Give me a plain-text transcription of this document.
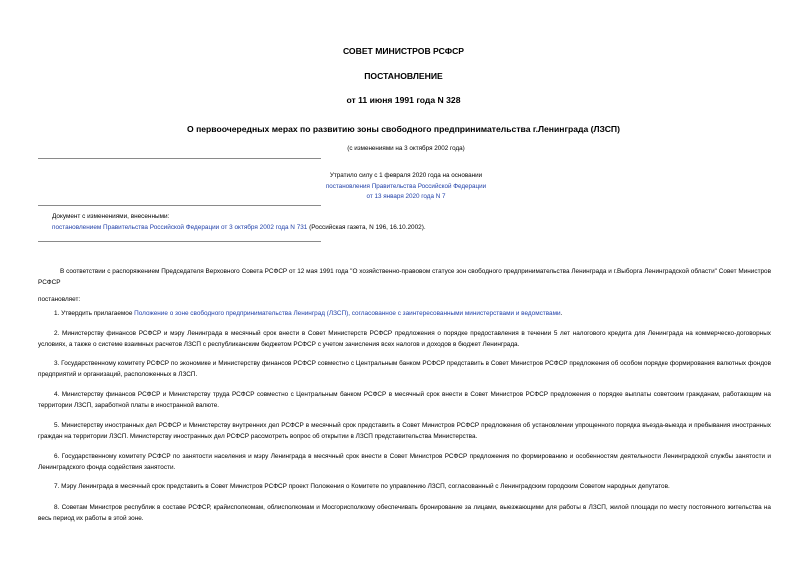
СОВЕТ МИНИСТРОВ РСФСР
ПОСТАНОВЛЕНИЕ
от 11 июня 1991 года N 328
О первоочередных мерах по развитию зоны свободного предпринимательства г.Ленинграда (ЛЗСП)
(с изменениями на 3 октября 2002 года)
Утратило силу с 1 февраля 2020 года на основании
постановления Правительства Российской Федерации
от 13 января 2020 года N 7
Документ с изменениями, внесенными:
постановлением Правительства Российской Федерации от 3 октября 2002 года N 731 (Российская газета, N 196, 16.10.2002).

В соответствии с распоряжением Председателя Верховного Совета РСФСР от 12 мая 1991 года "О хозяйственно-правовом статусе зон свободного предпринимательства Ленинграда и г.Выборга Ленинградской области" Совет Министров РСФСР

постановляет:

1. Утвердить прилагаемое Положение о зоне свободного предпринимательства Ленинград (ЛЗСП), согласованное с заинтересованными министерствами и ведомствами.

2. Министерству финансов РСФСР и мэру Ленинграда в месячный срок внести в Совет Министерств РСФСР предложения о порядке предоставления в течении 5 лет налогового кредита для Ленинграда на коммерческо-договорных условиях, а также о системе взаимных расчетов ЛЗСП с республиканским бюджетом РСФСР с учетом зачисления всех налогов и доходов в бюджет Ленинграда.

3. Государственному комитету РСФСР по экономике и Министерству финансов РСФСР совместно с Центральным банком РСФСР представить в Совет Министров РСФСР предложения об особом порядке формирования валютных фондов предприятий и организаций, расположенных в ЛЗСП.

4. Министерству финансов РСФСР и Министерству труда РСФСР совместно с Центральным банком РСФСР в месячный срок внести в Совет Министров РСФСР предложения о порядке выплаты советским гражданам, работающим на территории ЛЗСП, заработной платы в иностранной валюте.

5. Министерству иностранных дел РСФСР и Министерству внутренних дел РСФСР в месячный срок представить в Совет Министров РСФСР предложения об установлении упрощенного порядка въезда-выезда и пребывания иностранных граждан на территории ЛЗСП. Министерству иностранных дел РСФСР рассмотреть вопрос об открытии в ЛЗСП представительства Министерства.

6. Государственному комитету РСФСР по занятости населения и мэру Ленинграда в месячный срок внести в Совет Министров РСФСР предложения по формированию и особенностям деятельности Ленинградской службы занятости и Ленинградского фонда содействия занятости.

7. Мэру Ленинграда в месячный срок представить в Совет Министров РСФСР проект Положения о Комитете по управлению ЛЗСП, согласованный с Ленинградским городским Советом народных депутатов.

8. Советам Министров республик в составе РСФСР, крайисполкомам, облисполкомам и Мосгорисполкому обеспечивать бронирование за лицами, выезжающими для работы в ЛЗСП, жилой площади по месту постоянного жительства на весь период их работы в этой зоне.
